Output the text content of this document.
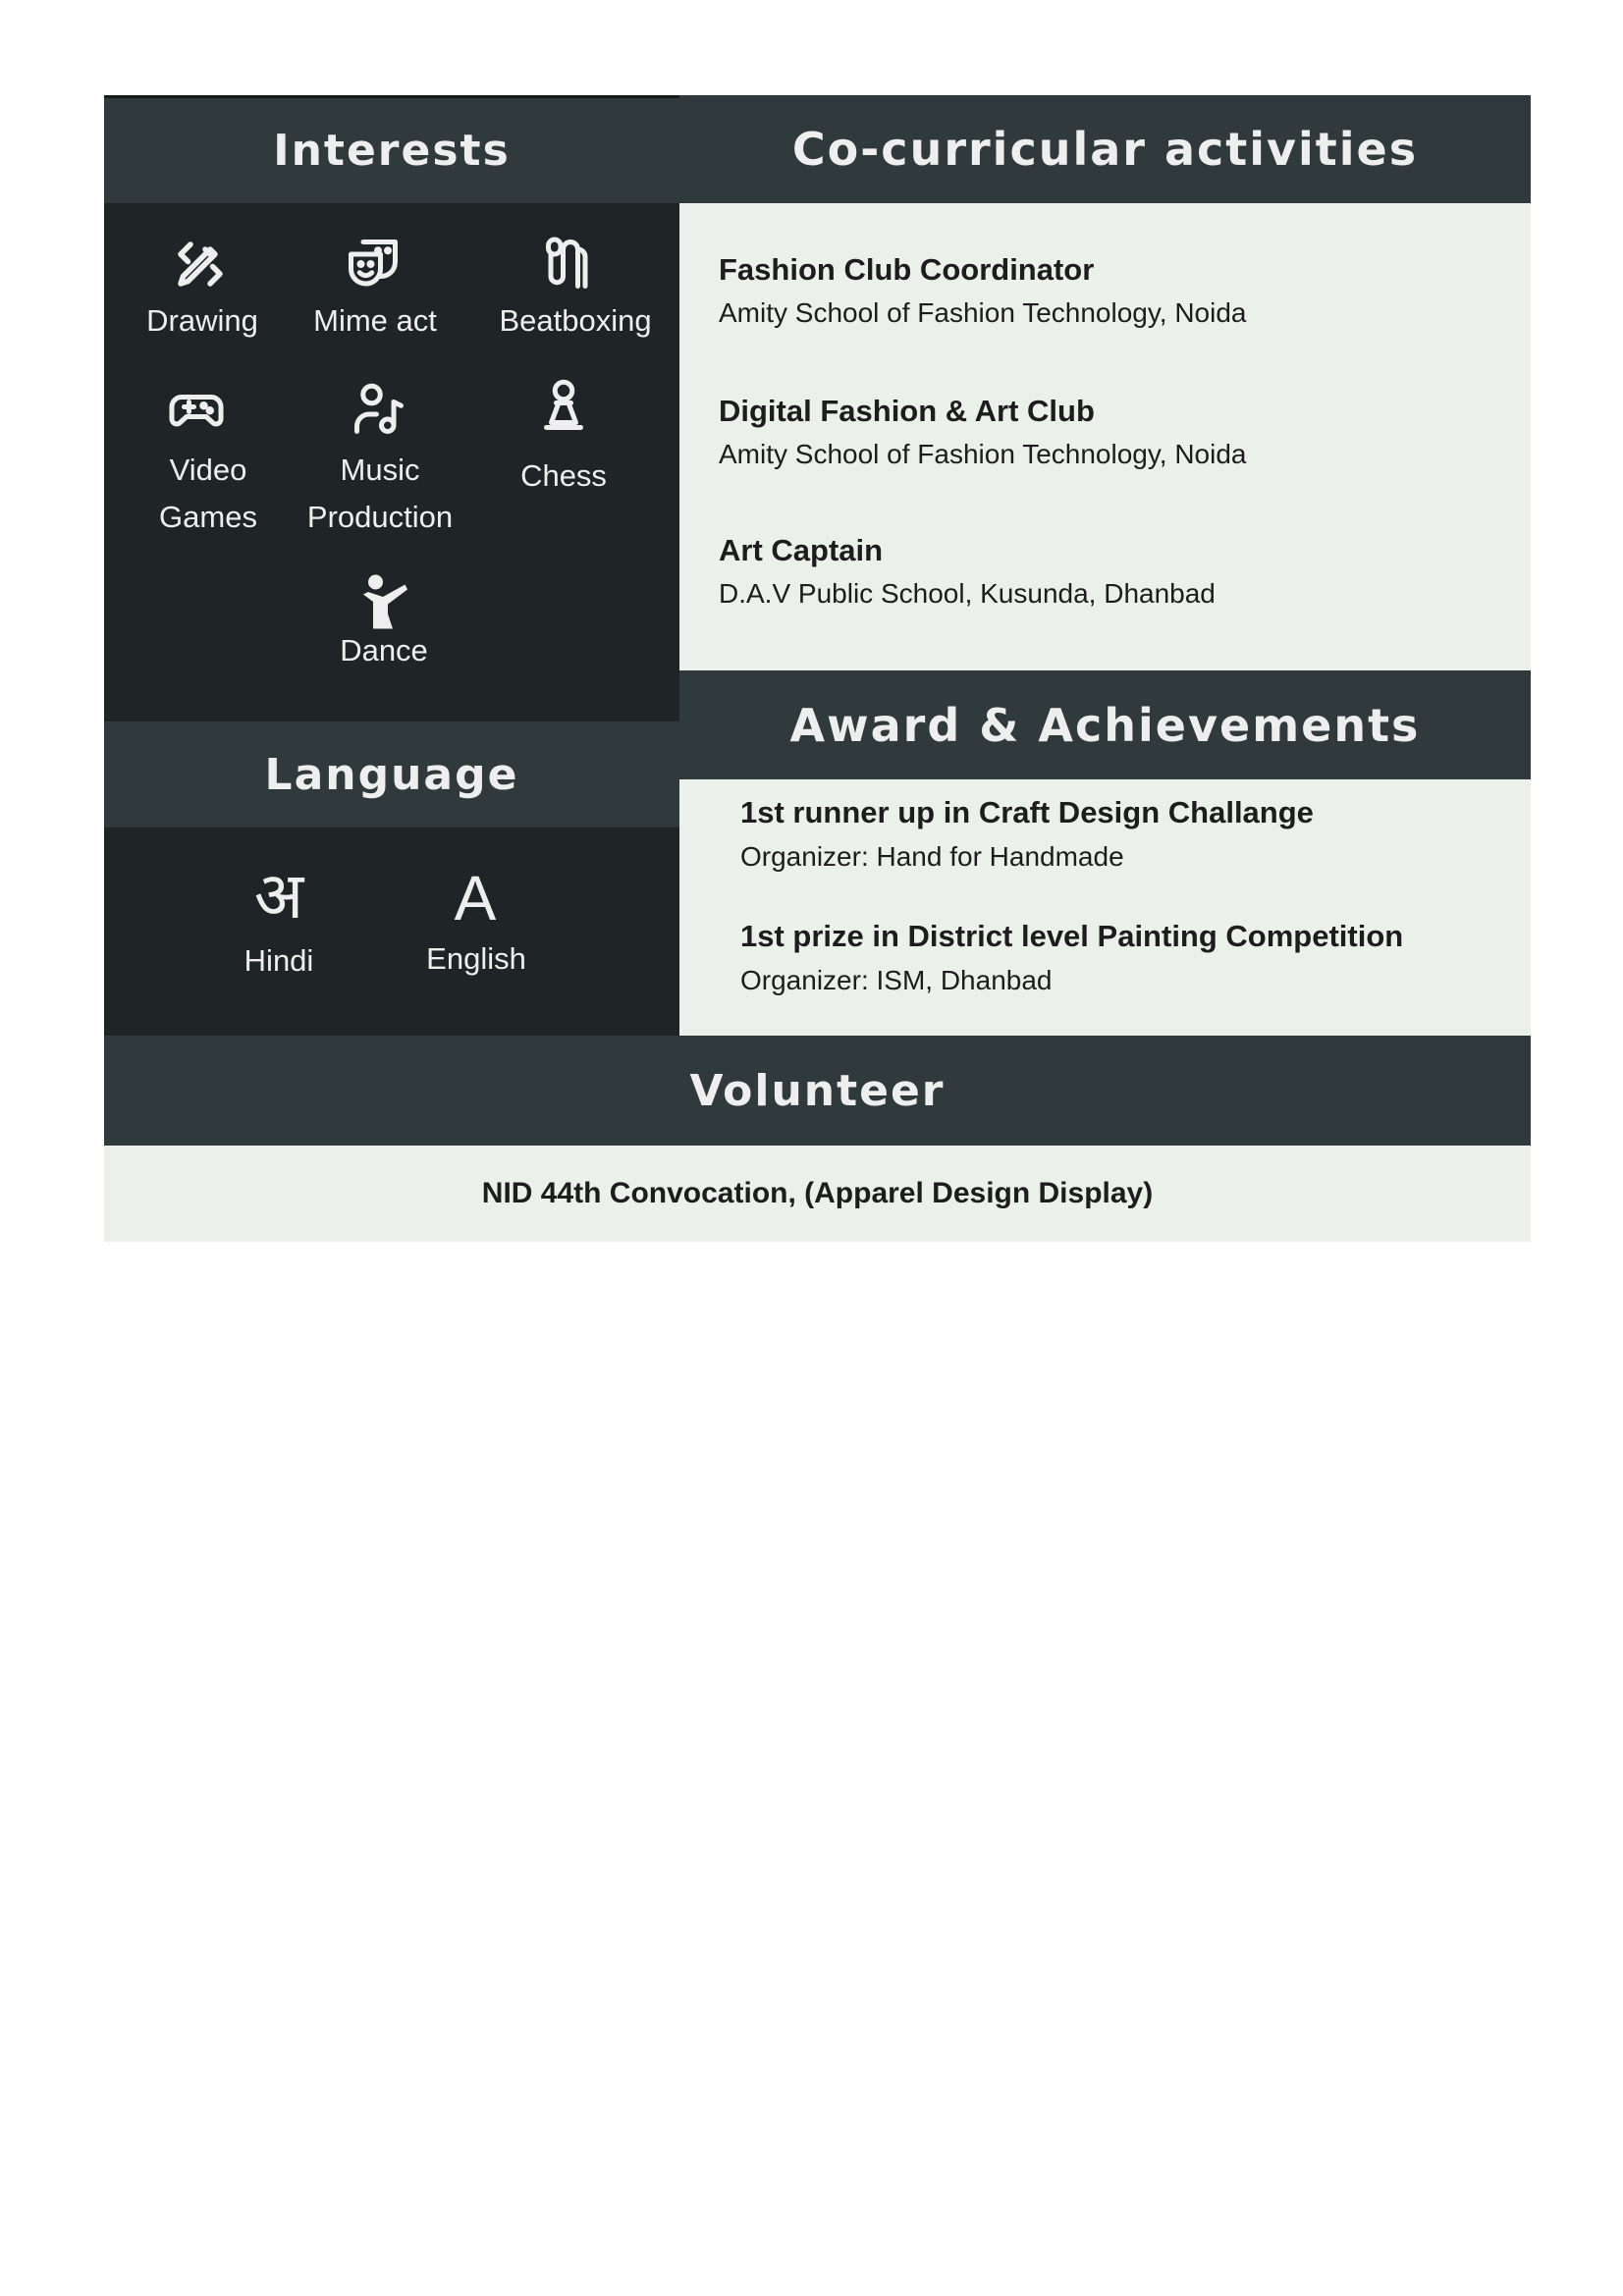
Interests
Drawing	Mime act	Beatboxing
Video
Games
Music
Production
Chess
Dance
Language
अ
Hindi
A
English
Co-curricular activities
Fashion Club Coordinator
Amity School of Fashion Technology, Noida
Digital Fashion & Art Club
Amity School of Fashion Technology, Noida
Art Captain
D.A.V Public School, Kusunda, Dhanbad
Award & Achievements
1st runner up in Craft Design Challange
Organizer: Hand for Handmade
1st prize in District level Painting Competition
Organizer: ISM, Dhanbad
Volunteer
NID 44th Convocation, (Apparel Design Display)
